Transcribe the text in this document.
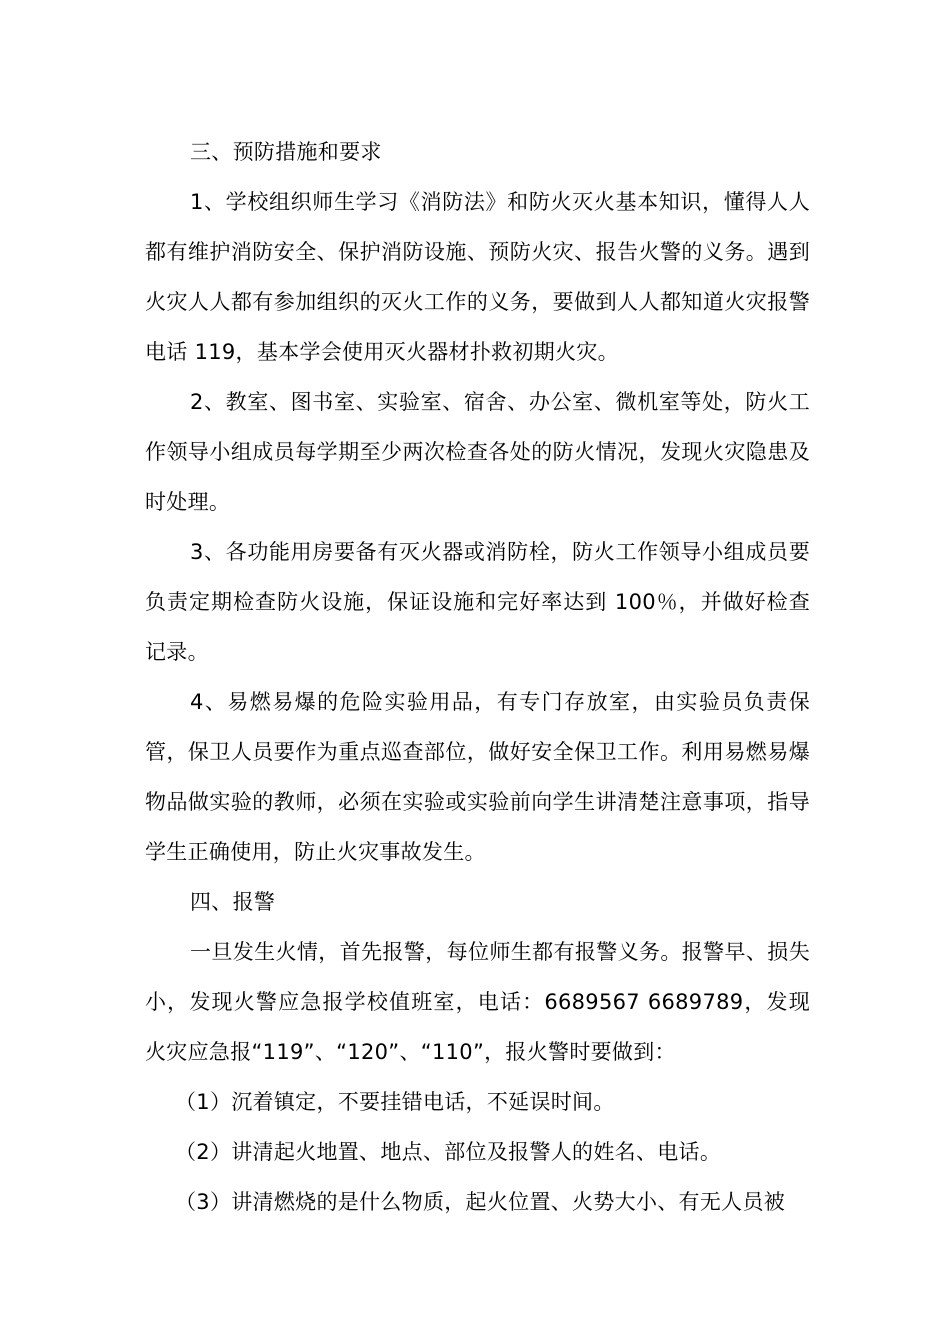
三、预防措施和要求

1、学校组织师生学习《消防法》和防火灭火基本知识，懂得人人都有维护消防安全、保护消防设施、预防火灾、报告火警的义务。遇到火灾人人都有参加组织的灭火工作的义务，要做到人人都知道火灾报警电话 119，基本学会使用灭火器材扑救初期火灾。

2、教室、图书室、实验室、宿舍、办公室、微机室等处，防火工作领导小组成员每学期至少两次检查各处的防火情况，发现火灾隐患及时处理。

3、各功能用房要备有灭火器或消防栓，防火工作领导小组成员要负责定期检查防火设施，保证设施和完好率达到 100％，并做好检查记录。

4、易燃易爆的危险实验用品，有专门存放室，由实验员负责保管，保卫人员要作为重点巡查部位，做好安全保卫工作。利用易燃易爆物品做实验的教师，必须在实验或实验前向学生讲清楚注意事项，指导学生正确使用，防止火灾事故发生。

四、报警

一旦发生火情，首先报警，每位师生都有报警义务。报警早、损失小，发现火警应急报学校值班室，电话：6689567 6689789，发现火灾应急报“119”、“120”、“110”，报火警时要做到：

（1）沉着镇定，不要挂错电话，不延误时间。

（2）讲清起火地置、地点、部位及报警人的姓名、电话。

（3）讲清燃烧的是什么物质，起火位置、火势大小、有无人员被
